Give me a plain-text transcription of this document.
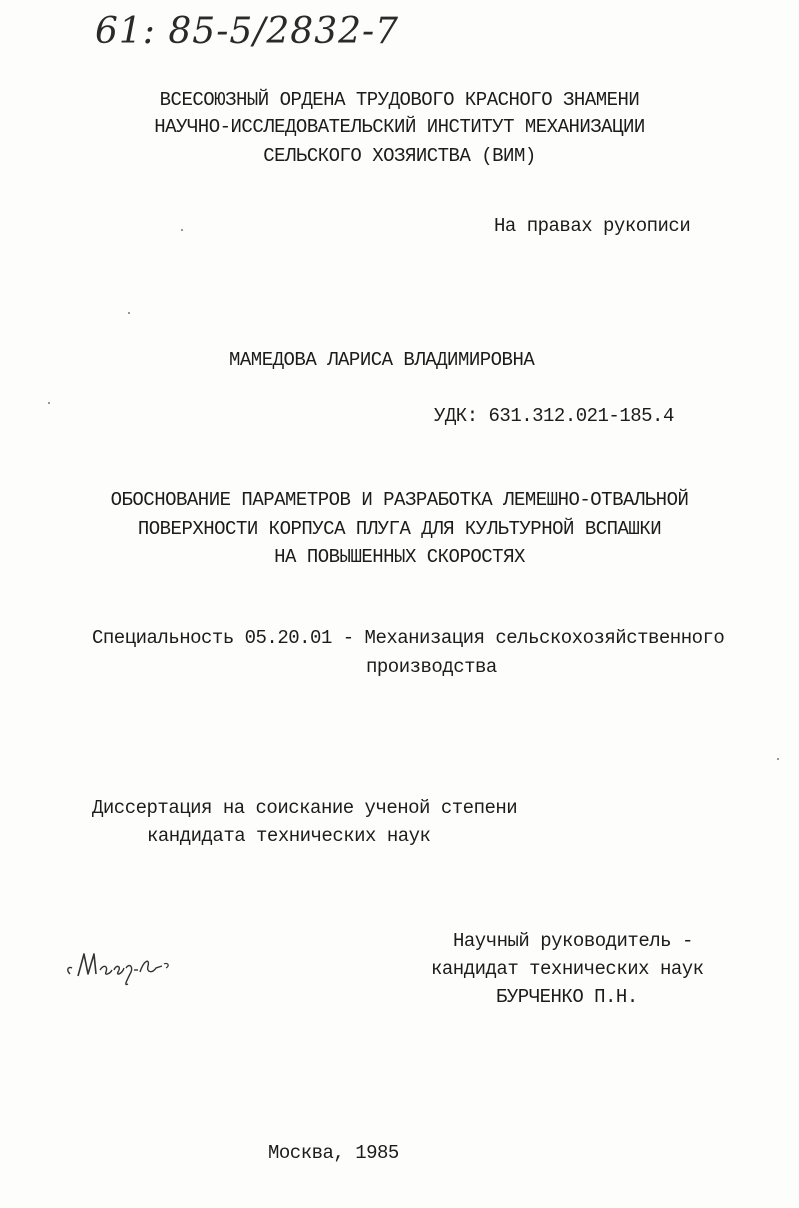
61: 85-5/2832-7
ВСЕСОЮЗНЫЙ ОРДЕНА ТРУДОВОГО КРАСНОГО ЗНАМЕНИ
НАУЧНО-ИССЛЕДОВАТЕЛЬСКИЙ ИНСТИТУТ МЕХАНИЗАЦИИ
СЕЛЬСКОГО ХОЗЯИСТВА (ВИМ)
На правах рукописи
МАМЕДОВА ЛАРИСА ВЛАДИМИРОВНА
УДК: 631.312.021-185.4
ОБОСНОВАНИЕ ПАРАМЕТРОВ И РАЗРАБОТКА ЛЕМЕШНО-ОТВАЛЬНОЙ
ПОВЕРХНОСТИ КОРПУСА ПЛУГА ДЛЯ КУЛЬТУРНОЙ ВСПАШКИ
НА ПОВЫШЕННЫХ СКОРОСТЯХ
Специальность 05.20.01 - Механизация сельскохозяйственного
производства
Диссертация на соискание ученой степени
кандидата технических наук
Научный руководитель -
кандидат технических наук
БУРЧЕНКО П.Н.
Москва, 1985
